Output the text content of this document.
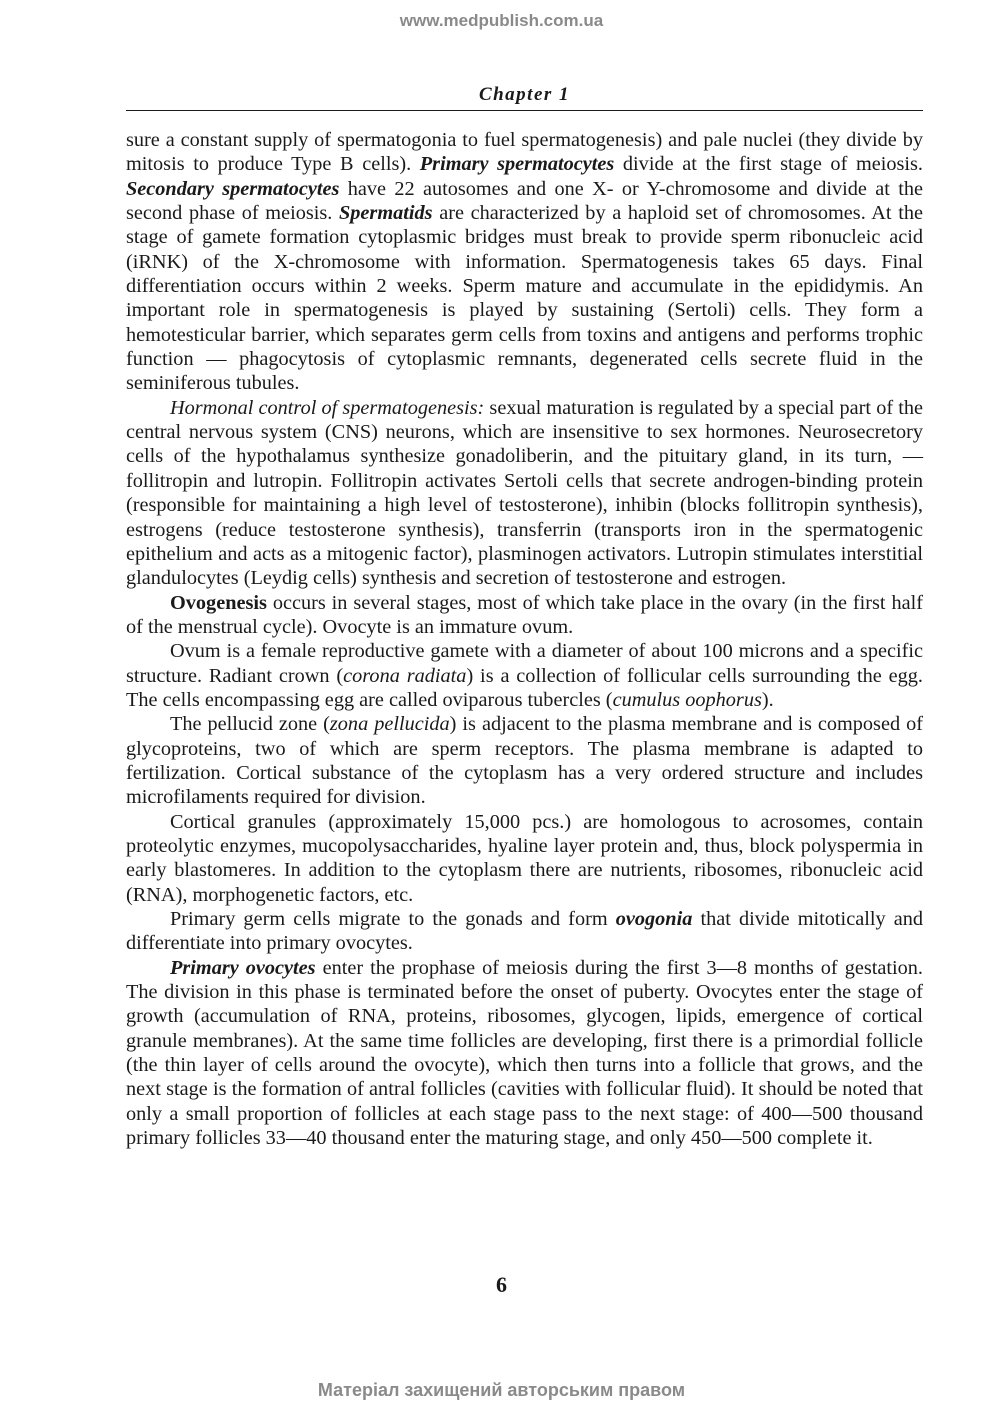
www.medpublish.com.ua
Chapter 1

sure a constant supply of spermatogonia to fuel spermatogenesis) and pale nuclei (they divide by mitosis to produce Type B cells). Primary spermatocytes divide at the first stage of meiosis. Secondary spermatocytes have 22 autosomes and one X- or Y-chromosome and divide at the second phase of meiosis. Spermatids are characterized by a haploid set of chromosomes. At the stage of gamete formation cytoplasmic bridges must break to provide sperm ribonucleic acid (iRNK) of the X-chromosome with information. Spermatogenesis takes 65 days. Final differentiation occurs within 2 weeks. Sperm mature and accumulate in the epididymis. An important role in spermatogenesis is played by sustaining (Sertoli) cells. They form a hemotesticular barrier, which separates germ cells from toxins and antigens and performs trophic function — phagocytosis of cytoplasmic remnants, degenerated cells secrete fluid in the seminiferous tubules.

Hormonal control of spermatogenesis: sexual maturation is regulated by a special part of the central nervous system (CNS) neurons, which are insensitive to sex hormones. Neurosecretory cells of the hypothalamus synthesize gonadoliberin, and the pituitary gland, in its turn, — follitropin and lutropin. Follitropin activates Sertoli cells that secrete androgen-binding protein (responsible for maintaining a high level of testosterone), inhibin (blocks follitropin synthesis), estrogens (reduce testosterone synthesis), transferrin (transports iron in the spermatogenic epithelium and acts as a mitogenic factor), plasminogen activators. Lutropin stimulates interstitial glandulocytes (Leydig cells) synthesis and secretion of testosterone and estrogen.

Ovogenesis occurs in several stages, most of which take place in the ovary (in the first half of the menstrual cycle). Ovocyte is an immature ovum.

Ovum is a female reproductive gamete with a diameter of about 100 microns and a specific structure. Radiant crown (corona radiata) is a collection of follicular cells surrounding the egg. The cells encompassing egg are called oviparous tubercles (cumulus oophorus).

The pellucid zone (zona pellucida) is adjacent to the plasma membrane and is composed of glycoproteins, two of which are sperm receptors. The plasma membrane is adapted to fertilization. Cortical substance of the cytoplasm has a very ordered structure and includes microfilaments required for division.

Cortical granules (approximately 15,000 pcs.) are homologous to acrosomes, contain proteolytic enzymes, mucopolysaccharides, hyaline layer protein and, thus, block polyspermia in early blastomeres. In addition to the cytoplasm there are nutrients, ribosomes, ribonucleic acid (RNA), morphogenetic factors, etc.

Primary germ cells migrate to the gonads and form ovogonia that divide mitotically and differentiate into primary ovocytes.

Primary ovocytes enter the prophase of meiosis during the first 3—8 months of gestation. The division in this phase is terminated before the onset of puberty. Ovocytes enter the stage of growth (accumulation of RNA, proteins, ribosomes, glycogen, lipids, emergence of cortical granule membranes). At the same time follicles are developing, first there is a primordial follicle (the thin layer of cells around the ovocyte), which then turns into a follicle that grows, and the next stage is the formation of antral follicles (cavities with follicular fluid). It should be noted that only a small proportion of follicles at each stage pass to the next stage: of 400—500 thousand primary follicles 33—40 thousand enter the maturing stage, and only 450—500 complete it.

6
Матеріал захищений авторським правом
